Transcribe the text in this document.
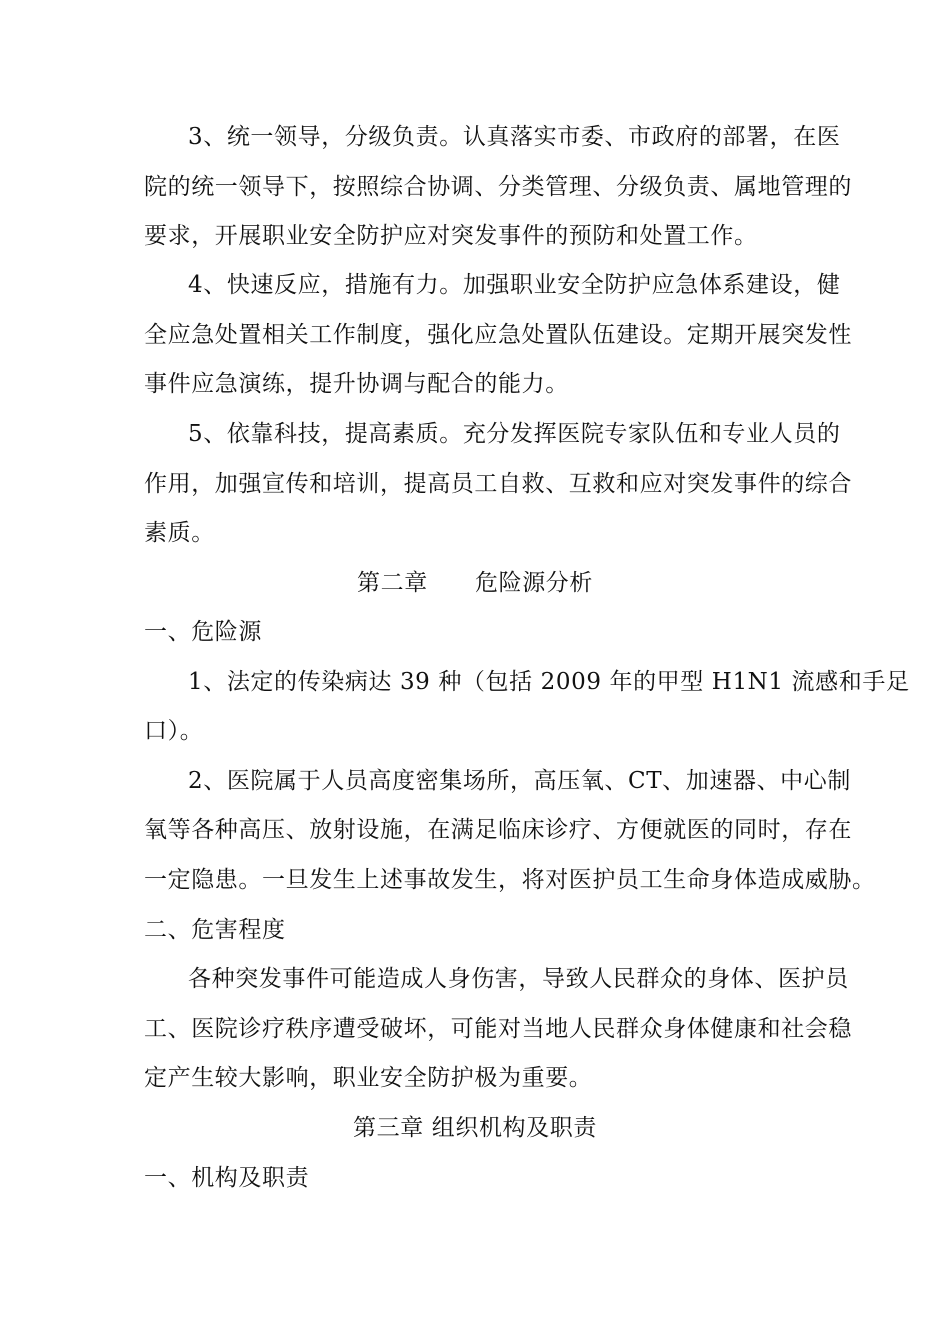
3、统一领导，分级负责。认真落实市委、市政府的部署，在医
院的统一领导下，按照综合协调、分类管理、分级负责、属地管理的
要求，开展职业安全防护应对突发事件的预防和处置工作。
4、快速反应，措施有力。加强职业安全防护应急体系建设，健
全应急处置相关工作制度，强化应急处置队伍建设。定期开展突发性
事件应急演练，提升协调与配合的能力。
5、依靠科技，提高素质。充分发挥医院专家队伍和专业人员的
作用，加强宣传和培训，提高员工自救、互救和应对突发事件的综合
素质。
第二章　　危险源分析
一、危险源
1、法定的传染病达 39 种（包括 2009 年的甲型 H1N1 流感和手足
口）。
2、医院属于人员高度密集场所，高压氧、CT、加速器、中心制
氧等各种高压、放射设施，在满足临床诊疗、方便就医的同时，存在
一定隐患。一旦发生上述事故发生，将对医护员工生命身体造成威胁。
二、危害程度
各种突发事件可能造成人身伤害，导致人民群众的身体、医护员
工、医院诊疗秩序遭受破坏，可能对当地人民群众身体健康和社会稳
定产生较大影响，职业安全防护极为重要。
第三章 组织机构及职责
一、机构及职责
